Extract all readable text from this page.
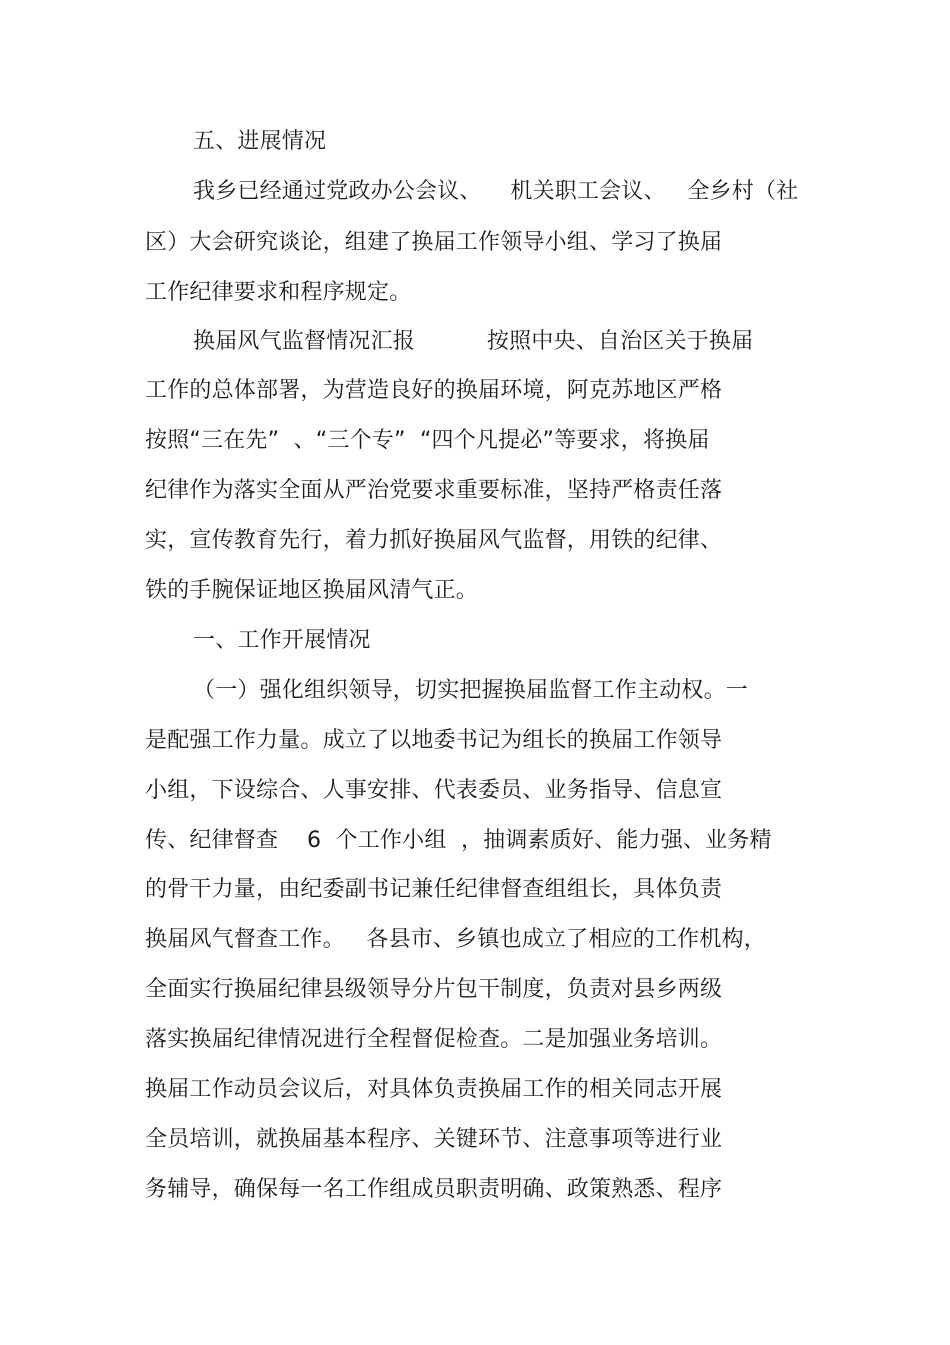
五、进展情况
我乡已经通过党政办公会议、    机关职工会议、   全乡村（社
区）大会研究谈论，组建了换届工作领导小组、学习了换届
工作纪律要求和程序规定。
换届风气监督情况汇报          按照中央、自治区关于换届
工作的总体部署，为营造良好的换届环境，阿克苏地区严格
按照“三在先”  、“三个专”  “四个凡提必”等要求，将换届
纪律作为落实全面从严治党要求重要标准，坚持严格责任落
实，宣传教育先行，着力抓好换届风气监督，用铁的纪律、
铁的手腕保证地区换届风清气正。
一、工作开展情况
（一）强化组织领导，切实把握换届监督工作主动权。一
是配强工作力量。成立了以地委书记为组长的换届工作领导
小组，下设综合、人事安排、代表委员、业务指导、信息宣
传、纪律督查    6  个工作小组  ，抽调素质好、能力强、业务精
的骨干力量，由纪委副书记兼任纪律督查组组长，具体负责
换届风气督查工作。   各县市、乡镇也成立了相应的工作机构，
全面实行换届纪律县级领导分片包干制度，负责对县乡两级
落实换届纪律情况进行全程督促检查。二是加强业务培训。
换届工作动员会议后，对具体负责换届工作的相关同志开展
全员培训，就换届基本程序、关键环节、注意事项等进行业
务辅导，确保每一名工作组成员职责明确、政策熟悉、程序
